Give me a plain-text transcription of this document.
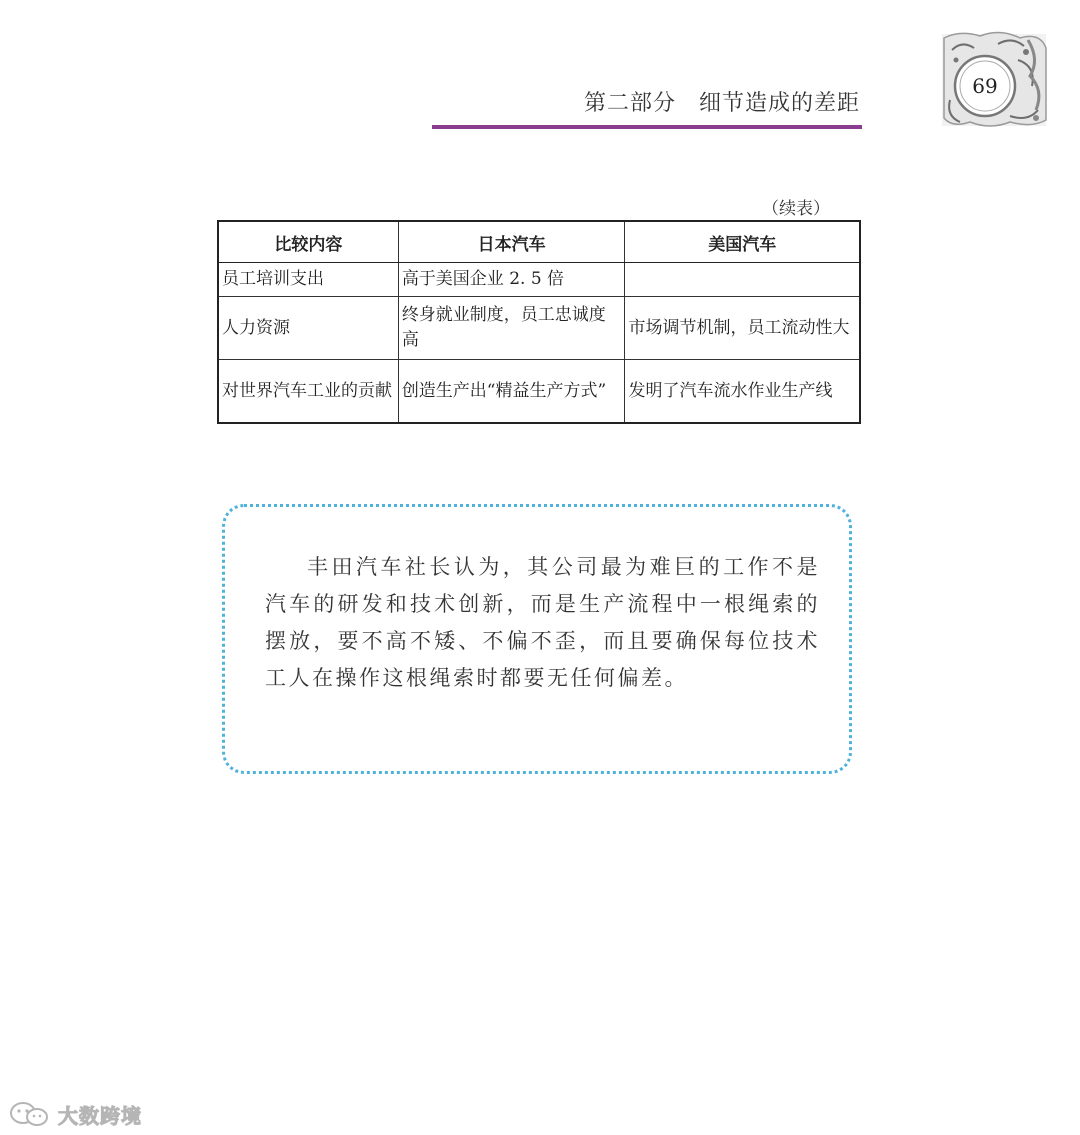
第二部分　细节造成的差距
69
（续表）
比较内容	日本汽车	美国汽车
员工培训支出	高于美国企业 2. 5 倍	
人力资源	终身就业制度，员工忠诚度高	市场调节机制，员工流动性大
对世界汽车工业的贡献	创造生产出“精益生产方式”	发明了汽车流水作业生产线
丰田汽车社长认为，其公司最为难巨的工作不是汽车的研发和技术创新，而是生产流程中一根绳索的摆放，要不高不矮、不偏不歪，而且要确保每位技术工人在操作这根绳索时都要无任何偏差。
大数跨境
